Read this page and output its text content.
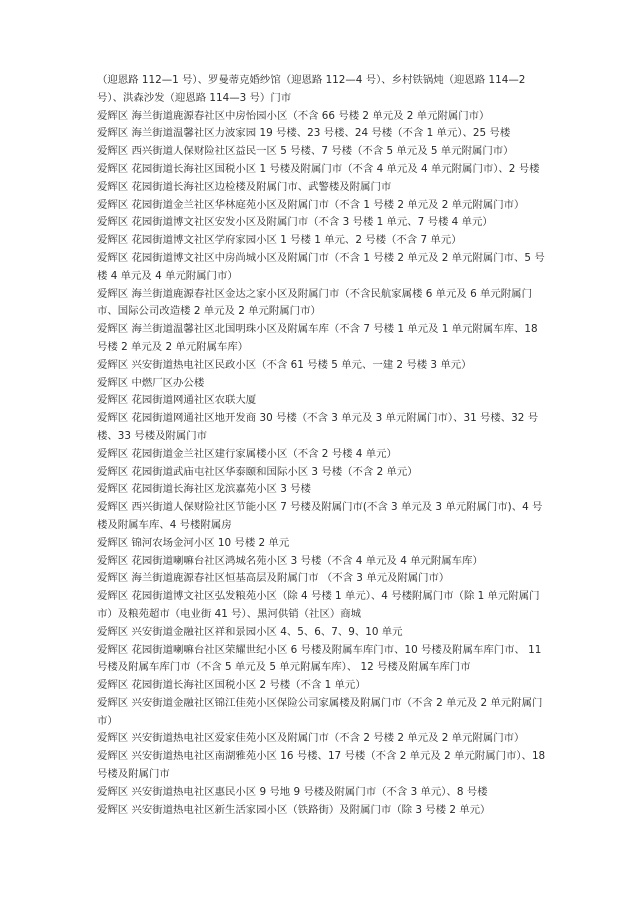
（迎恩路 112—1 号）、罗曼蒂克婚纱馆（迎恩路 112—4 号）、乡村铁锅炖（迎恩路 114—2 号）、洪森沙发（迎恩路 114—3 号）门市

爱辉区 海兰街道鹿源春社区中房怡园小区（不含 66 号楼 2 单元及 2 单元附属门市）

爱辉区 海兰街道温馨社区力波家园 19 号楼、23 号楼、24 号楼（不含 1 单元）、25 号楼

爱辉区 西兴街道人保财险社区益民一区 5 号楼、7 号楼（不含 5 单元及 5 单元附属门市）

爱辉区 花园街道长海社区国税小区 1 号楼及附属门市（不含 4 单元及 4 单元附属门市）、2 号楼

爱辉区 花园街道长海社区边检楼及附属门市、武警楼及附属门市

爱辉区 花园街道金兰社区华林庭苑小区及附属门市（不含 1 号楼 2 单元及 2 单元附属门市）

爱辉区 花园街道博文社区安发小区及附属门市（不含 3 号楼 1 单元、7 号楼 4 单元）

爱辉区 花园街道博文社区学府家园小区 1 号楼 1 单元、2 号楼（不含 7 单元）

爱辉区 花园街道博文社区中房尚城小区及附属门市（不含 1 号楼 2 单元及 2 单元附属门市、5 号楼 4 单元及 4 单元附属门市）

爱辉区 海兰街道鹿源春社区金达之家小区及附属门市（不含民航家属楼 6 单元及 6 单元附属门市、国际公司改造楼 2 单元及 2 单元附属门市）

爱辉区 海兰街道温馨社区北国明珠小区及附属车库（不含 7 号楼 1 单元及 1 单元附属车库、18 号楼 2 单元及 2 单元附属车库）

爱辉区 兴安街道热电社区民政小区（不含 61 号楼 5 单元、一建 2 号楼 3 单元）

爱辉区 中燃厂区办公楼

爱辉区 花园街道网通社区农联大厦

爱辉区 花园街道网通社区地开发商 30 号楼（不含 3 单元及 3 单元附属门市）、31 号楼、32 号楼、33 号楼及附属门市

爱辉区 花园街道金兰社区建行家属楼小区（不含 2 号楼 4 单元）

爱辉区 花园街道武庙屯社区华泰颐和国际小区 3 号楼（不含 2 单元）

爱辉区 花园街道长海社区龙滨嘉苑小区 3 号楼

爱辉区 西兴街道人保财险社区节能小区 7 号楼及附属门市(不含 3 单元及 3 单元附属门市)、4 号楼及附属车库、4 号楼附属房

爱辉区 锦河农场金河小区 10 号楼 2 单元

爱辉区 花园街道喇嘛台社区鸿城名苑小区 3 号楼（不含 4 单元及 4 单元附属车库）

爱辉区 海兰街道鹿源春社区恒基高层及附属门市 （不含 3 单元及附属门市）

爱辉区 花园街道博文社区弘发粮苑小区（除 4 号楼 1 单元）、4 号楼附属门市（除 1 单元附属门市）及粮苑超市（电业街 41 号）、黑河供销（社区）商城

爱辉区 兴安街道金融社区祥和景园小区 4、5、6、7、9、10 单元

爱辉区 花园街道喇嘛台社区荣耀世纪小区 6 号楼及附属车库门市、10 号楼及附属车库门市、 11 号楼及附属车库门市（不含 5 单元及 5 单元附属车库）、 12 号楼及附属车库门市

爱辉区 花园街道长海社区国税小区 2 号楼（不含 1 单元）

爱辉区 兴安街道金融社区锦江佳苑小区保险公司家属楼及附属门市（不含 2 单元及 2 单元附属门市）

爱辉区 兴安街道热电社区爱家佳苑小区及附属门市（不含 2 号楼 2 单元及 2 单元附属门市）

爱辉区 兴安街道热电社区南湖雅苑小区 16 号楼、17 号楼（不含 2 单元及 2 单元附属门市）、18 号楼及附属门市

爱辉区 兴安街道热电社区惠民小区 9 号地 9 号楼及附属门市（不含 3 单元）、8 号楼

爱辉区 兴安街道热电社区新生活家园小区（铁路街）及附属门市（除 3 号楼 2 单元）
